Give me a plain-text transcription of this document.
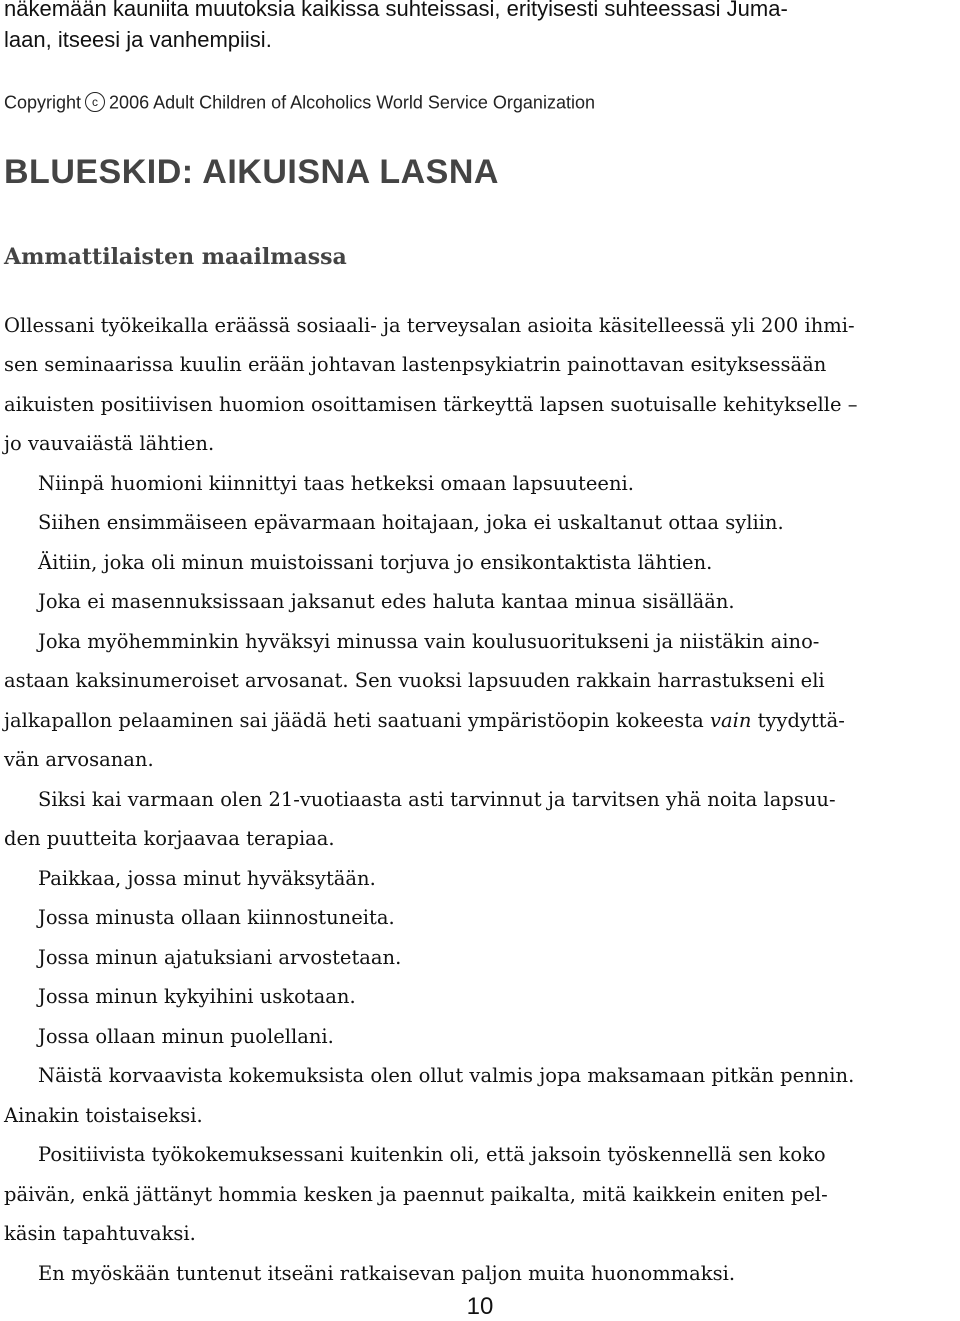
näkemään kauniita muutoksia kaikissa suhteissasi, erityisesti suhteessasi Juma-
laan, itseesi ja vanhempiisi.
Copyright c 2006 Adult Children of Alcoholics World Service Organization
BLUESKID: AIKUISNA LASNA
Ammattilaisten maailmassa
Ollessani työkeikalla eräässä sosiaali- ja terveysalan asioita käsitelleessä yli 200 ihmi-
sen seminaarissa kuulin erään johtavan lastenpsykiatrin painottavan esityksessään
aikuisten positiivisen huomion osoittamisen tärkeyttä lapsen suotuisalle kehitykselle –
jo vauvaiästä lähtien.
Niinpä huomioni kiinnittyi taas hetkeksi omaan lapsuuteeni.
Siihen ensimmäiseen epävarmaan hoitajaan, joka ei uskaltanut ottaa syliin.
Äitiin, joka oli minun muistoissani torjuva jo ensikontaktista lähtien.
Joka ei masennuksissaan jaksanut edes haluta kantaa minua sisällään.
Joka myöhemminkin hyväksyi minussa vain koulusuoritukseni ja niistäkin aino-
astaan kaksinumeroiset arvosanat. Sen vuoksi lapsuuden rakkain harrastukseni eli
jalkapallon pelaaminen sai jäädä heti saatuani ympäristöopin kokeesta vain tyydyttä-
vän arvosanan.
Siksi kai varmaan olen 21-vuotiaasta asti tarvinnut ja tarvitsen yhä noita lapsuu-
den puutteita korjaavaa terapiaa.
Paikkaa, jossa minut hyväksytään.
Jossa minusta ollaan kiinnostuneita.
Jossa minun ajatuksiani arvostetaan.
Jossa minun kykyihini uskotaan.
Jossa ollaan minun puolellani.
Näistä korvaavista kokemuksista olen ollut valmis jopa maksamaan pitkän pennin.
Ainakin toistaiseksi.
Positiivista työkokemuksessani kuitenkin oli, että jaksoin työskennellä sen koko
päivän, enkä jättänyt hommia kesken ja paennut paikalta, mitä kaikkein eniten pel-
käsin tapahtuvaksi.
En myöskään tuntenut itseäni ratkaisevan paljon muita huonommaksi.
10
